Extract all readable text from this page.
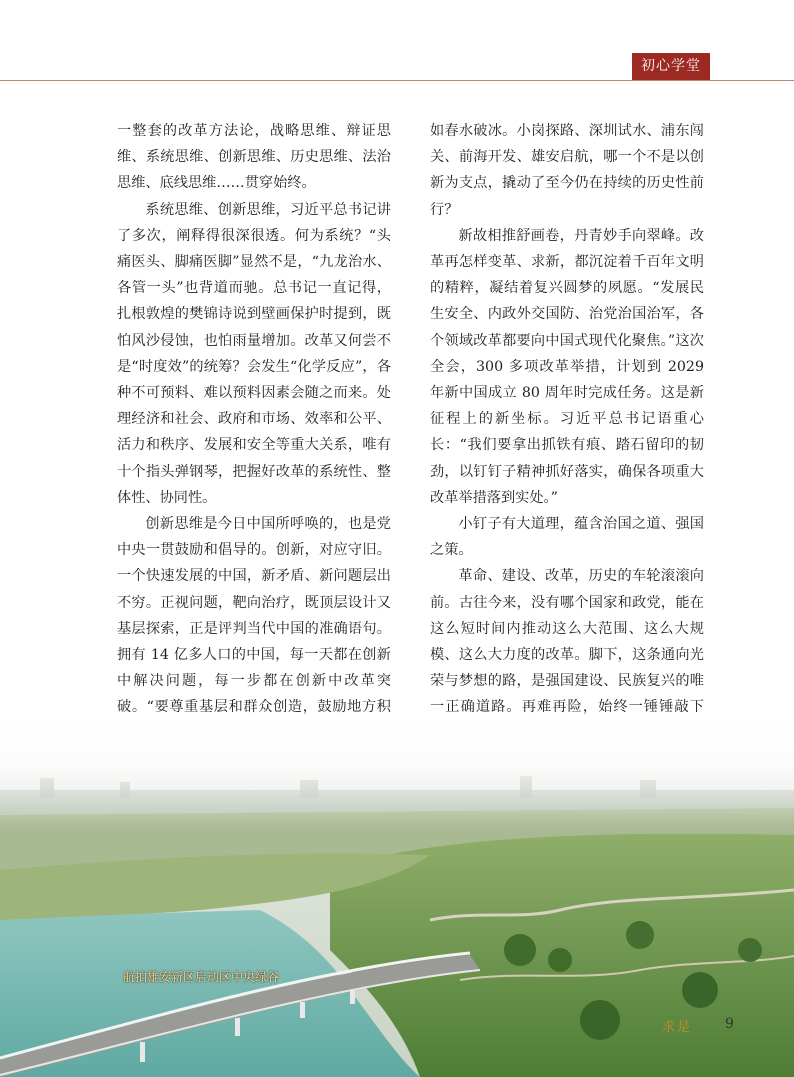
初心学堂

一整套的改革方法论，战略思维、辩证思维、系统思维、创新思维、历史思维、法治思维、底线思维……贯穿始终。

系统思维、创新思维，习近平总书记讲了多次，阐释得很深很透。何为系统？“头痛医头、脚痛医脚”显然不是，“九龙治水、各管一头”也背道而驰。总书记一直记得，扎根敦煌的樊锦诗说到壁画保护时提到，既怕风沙侵蚀，也怕雨量增加。改革又何尝不是“时度效”的统筹？会发生“化学反应”，各种不可预料、难以预料因素会随之而来。处理经济和社会、政府和市场、效率和公平、活力和秩序、发展和安全等重大关系，唯有十个指头弹钢琴，把握好改革的系统性、整体性、协同性。

创新思维是今日中国所呼唤的，也是党中央一贯鼓励和倡导的。创新，对应守旧。一个快速发展的中国，新矛盾、新问题层出不穷。正视问题，靶向治疗，既顶层设计又基层探索，正是评判当代中国的准确语句。拥有 14 亿多人口的中国，每一天都在创新中解决问题，每一步都在创新中改革突破。“要尊重基层和群众创造，鼓励地方积

如春水破冰。小岗探路、深圳试水、浦东闯关、前海开发、雄安启航，哪一个不是以创新为支点，撬动了至今仍在持续的历史性前行？

新故相推舒画卷，丹青妙手向翠峰。改革再怎样变革、求新，都沉淀着千百年文明的精粹，凝结着复兴圆梦的夙愿。“发展民生安全、内政外交国防、治党治国治军，各个领域改革都要向中国式现代化聚焦。”这次全会，300 多项改革举措，计划到 2029 年新中国成立 80 周年时完成任务。这是新征程上的新坐标。习近平总书记语重心长：“我们要拿出抓铁有痕、踏石留印的韧劲，以钉钉子精神抓好落实，确保各项重大改革举措落到实处。”

小钉子有大道理，蕴含治国之道、强国之策。

革命、建设、改革，历史的车轮滚滚向前。古往今来，没有哪个国家和政党，能在这么短时间内推动这么大范围、这么大规模、这么大力度的改革。脚下，这条通向光荣与梦想的路，是强国建设、民族复兴的唯一正确道路。再难再险，始终一锤锤敲下

航拍雄安新区启动区中央绿谷
求是 9
